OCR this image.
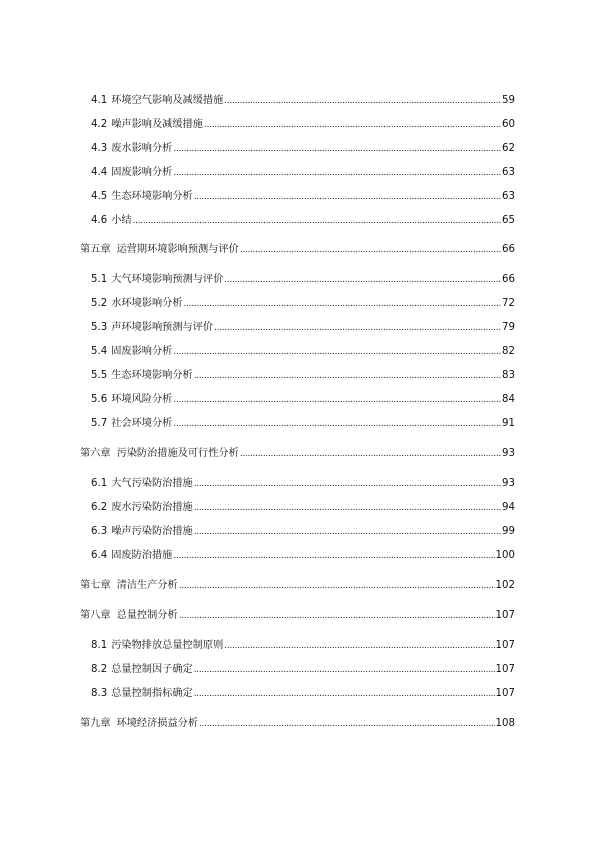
4.1 环境空气影响及减缓措施 .....	59
4.2 噪声影响及减缓措施 .....	60
4.3 废水影响分析 .....	62
4.4 固废影响分析 .....	63
4.5 生态环境影响分析 .....	63
4.6 小结 .....	65
第五章 运营期环境影响预测与评价 .....	66
5.1 大气环境影响预测与评价 .....	66
5.2 水环境影响分析 .....	72
5.3 声环境影响预测与评价 .....	79
5.4 固废影响分析 .....	82
5.5 生态环境影响分析 .....	83
5.6 环境风险分析 .....	84
5.7 社会环境分析 .....	91
第六章 污染防治措施及可行性分析 .....	93
6.1 大气污染防治措施 .....	93
6.2 废水污染防治措施 .....	94
6.3 噪声污染防治措施 .....	99
6.4 固废防治措施 .....	100
第七章 清洁生产分析 .....	102
第八章 总量控制分析 .....	107
8.1 污染物排放总量控制原则 .....	107
8.2 总量控制因子确定 .....	107
8.3 总量控制指标确定 .....	107
第九章 环境经济损益分析 .....	108
